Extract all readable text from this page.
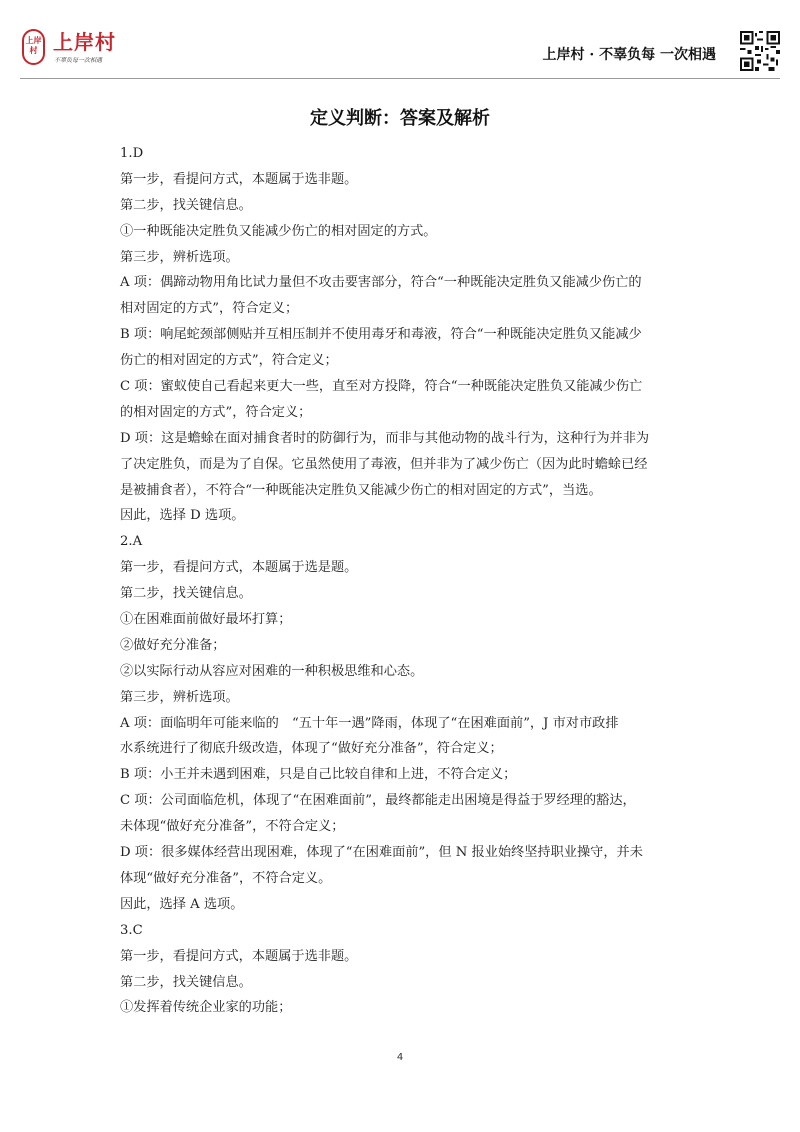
上岸村 上岸村
不辜负每一次相遇	上岸村 · 不辜负每 一次相遇
定义判断：答案及解析
1.D
第一步，看提问方式，本题属于选非题。
第二步，找关键信息。
①一种既能决定胜负又能减少伤亡的相对固定的方式。
第三步，辨析选项。
A 项：偶蹄动物用角比试力量但不攻击要害部分，符合“一种既能决定胜负又能减少伤亡的
相对固定的方式”，符合定义；
B 项：响尾蛇颈部侧贴并互相压制并不使用毒牙和毒液，符合“一种既能决定胜负又能减少
伤亡的相对固定的方式”，符合定义；
C 项：蜜蚁使自己看起来更大一些，直至对方投降，符合“一种既能决定胜负又能减少伤亡
的相对固定的方式”，符合定义；
D 项：这是蟾蜍在面对捕食者时的防御行为，而非与其他动物的战斗行为，这种行为并非为
了决定胜负，而是为了自保。它虽然使用了毒液，但并非为了减少伤亡（因为此时蟾蜍已经
是被捕食者），不符合“一种既能决定胜负又能减少伤亡的相对固定的方式”，当选。
因此，选择 D 选项。
2.A
第一步，看提问方式，本题属于选是题。
第二步，找关键信息。
①在困难面前做好最坏打算；
②做好充分准备；
②以实际行动从容应对困难的一种积极思维和心态。
第三步，辨析选项。
A 项：面临明年可能来临的　“五十年一遇”降雨，体现了“在困难面前”，J 市对市政排
水系统进行了彻底升级改造，体现了“做好充分准备”，符合定义；
B 项：小王并未遇到困难，只是自己比较自律和上进，不符合定义；
C 项：公司面临危机，体现了“在困难面前”，最终都能走出困境是得益于罗经理的豁达，
未体现“做好充分准备”，不符合定义；
D 项：很多媒体经营出现困难，体现了“在困难面前”，但 N 报业始终坚持职业操守，并未
体现“做好充分准备”，不符合定义。
因此，选择 A 选项。
3.C
第一步，看提问方式，本题属于选非题。
第二步，找关键信息。
①发挥着传统企业家的功能；
4
